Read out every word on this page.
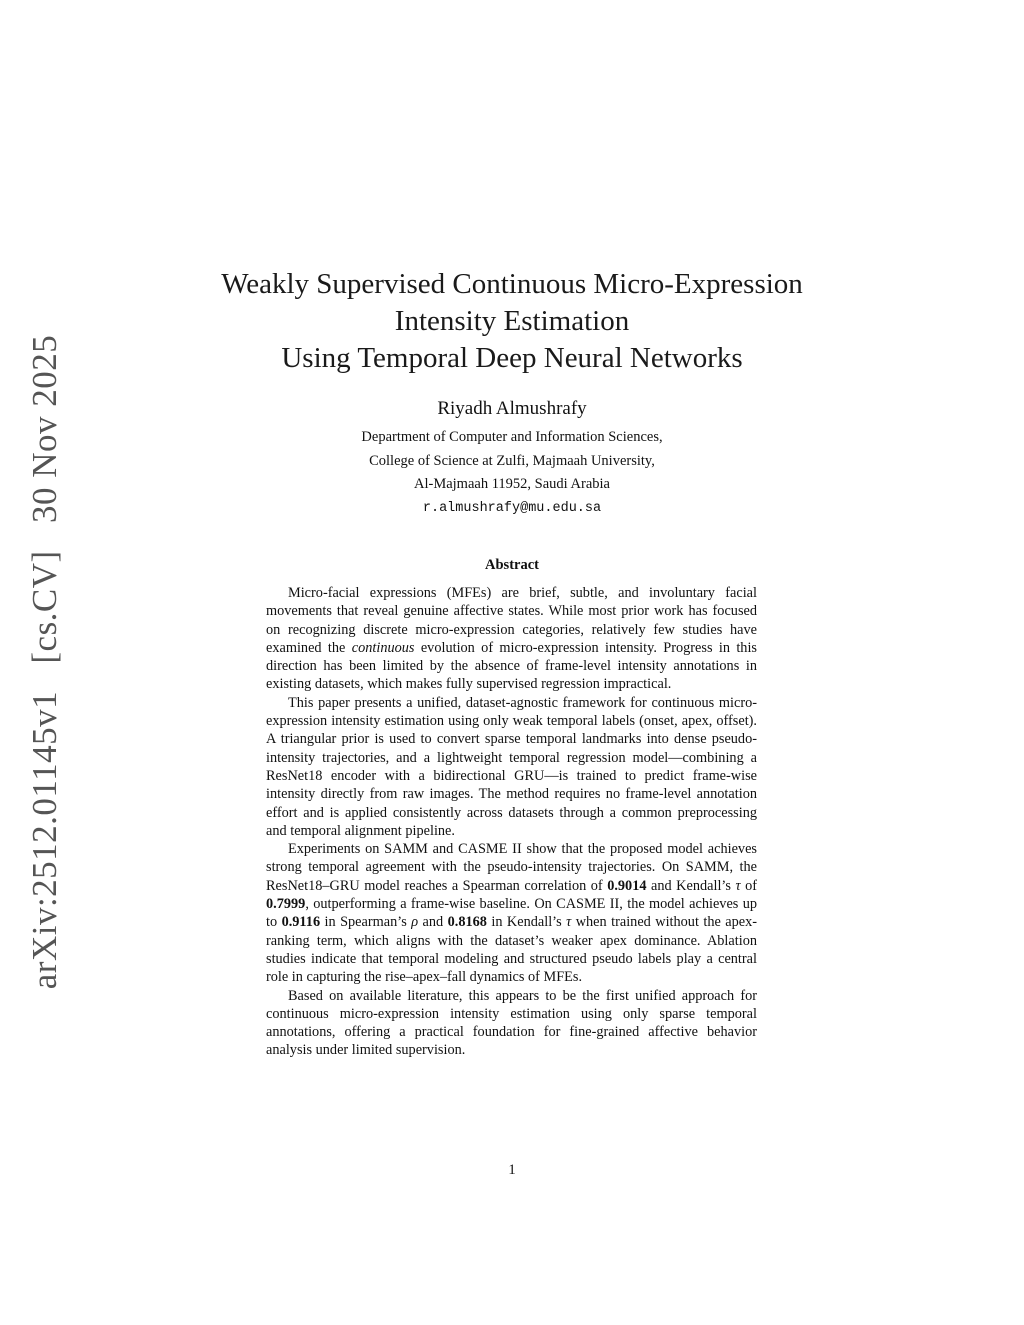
arXiv:2512.01145v1 [cs.CV] 30 Nov 2025
Weakly Supervised Continuous Micro-Expression
Intensity Estimation
Using Temporal Deep Neural Networks
Riyadh Almushrafy
Department of Computer and Information Sciences,
College of Science at Zulfi, Majmaah University,
Al-Majmaah 11952, Saudi Arabia
r.almushrafy@mu.edu.sa
Abstract

Micro-facial expressions (MFEs) are brief, subtle, and involuntary facial movements that reveal genuine affective states. While most prior work has focused on recognizing discrete micro-expression categories, relatively few studies have examined the continuous evolution of micro-expression intensity. Progress in this direction has been limited by the absence of frame-level intensity annotations in existing datasets, which makes fully supervised regression impractical.

This paper presents a unified, dataset-agnostic framework for continuous micro-expression intensity estimation using only weak temporal labels (onset, apex, offset). A triangular prior is used to convert sparse temporal landmarks into dense pseudo-intensity trajectories, and a lightweight temporal regression model—combining a ResNet18 encoder with a bidirectional GRU—is trained to predict frame-wise intensity directly from raw images. The method requires no frame-level annotation effort and is applied consistently across datasets through a common preprocessing and temporal alignment pipeline.

Experiments on SAMM and CASME II show that the proposed model achieves strong temporal agreement with the pseudo-intensity trajectories. On SAMM, the ResNet18–GRU model reaches a Spearman correlation of 0.9014 and Kendall’s τ of 0.7999, outperforming a frame-wise baseline. On CASME II, the model achieves up to 0.9116 in Spearman’s ρ and 0.8168 in Kendall’s τ when trained without the apex-ranking term, which aligns with the dataset’s weaker apex dominance. Ablation studies indicate that temporal modeling and structured pseudo labels play a central role in capturing the rise–apex–fall dynamics of MFEs.

Based on available literature, this appears to be the first unified approach for continuous micro-expression intensity estimation using only sparse temporal annotations, offering a practical foundation for fine-grained affective behavior analysis under limited supervision.

1
